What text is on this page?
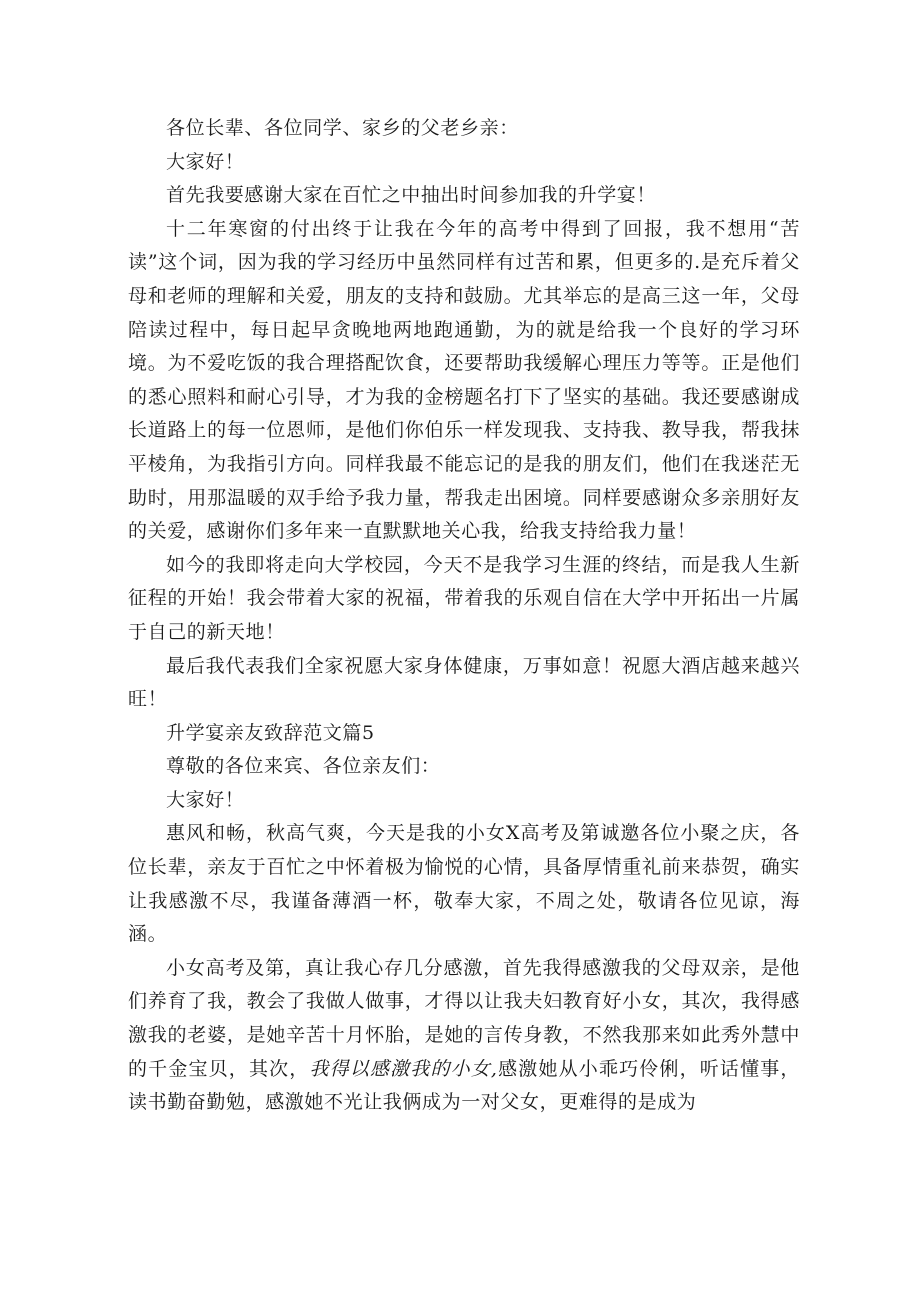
各位长辈、各位同学、家乡的父老乡亲：

大家好！

首先我要感谢大家在百忙之中抽出时间参加我的升学宴！

十二年寒窗的付出终于让我在今年的高考中得到了回报，我不想用“苦读”这个词，因为我的学习经历中虽然同样有过苦和累，但更多的.是充斥着父母和老师的理解和关爱，朋友的支持和鼓励。尤其举忘的是高三这一年，父母陪读过程中，每日起早贪晚地两地跑通勤，为的就是给我一个良好的学习环境。为不爱吃饭的我合理搭配饮食，还要帮助我缓解心理压力等等。正是他们的悉心照料和耐心引导，才为我的金榜题名打下了坚实的基础。我还要感谢成长道路上的每一位恩师，是他们你伯乐一样发现我、支持我、教导我，帮我抹平棱角，为我指引方向。同样我最不能忘记的是我的朋友们，他们在我迷茫无助时，用那温暖的双手给予我力量，帮我走出困境。同样要感谢众多亲朋好友的关爱，感谢你们多年来一直默默地关心我，给我支持给我力量！

如今的我即将走向大学校园，今天不是我学习生涯的终结，而是我人生新征程的开始！我会带着大家的祝福，带着我的乐观自信在大学中开拓出一片属于自己的新天地！

最后我代表我们全家祝愿大家身体健康，万事如意！祝愿大酒店越来越兴旺！

升学宴亲友致辞范文篇5

尊敬的各位来宾、各位亲友们：

大家好！

惠风和畅，秋高气爽，今天是我的小女X高考及第诚邀各位小聚之庆，各位长辈，亲友于百忙之中怀着极为愉悦的心情，具备厚情重礼前来恭贺，确实让我感激不尽，我谨备薄酒一杯，敬奉大家，不周之处，敬请各位见谅，海涵。

小女高考及第，真让我心存几分感激，首先我得感激我的父母双亲，是他们养育了我，教会了我做人做事，才得以让我夫妇教育好小女，其次，我得感激我的老婆，是她辛苦十月怀胎，是她的言传身教，不然我那来如此秀外慧中的千金宝贝，其次，我得以感激我的小女,感激她从小乖巧伶俐，听话懂事，读书勤奋勤勉，感激她不光让我俩成为一对父女，更难得的是成为
